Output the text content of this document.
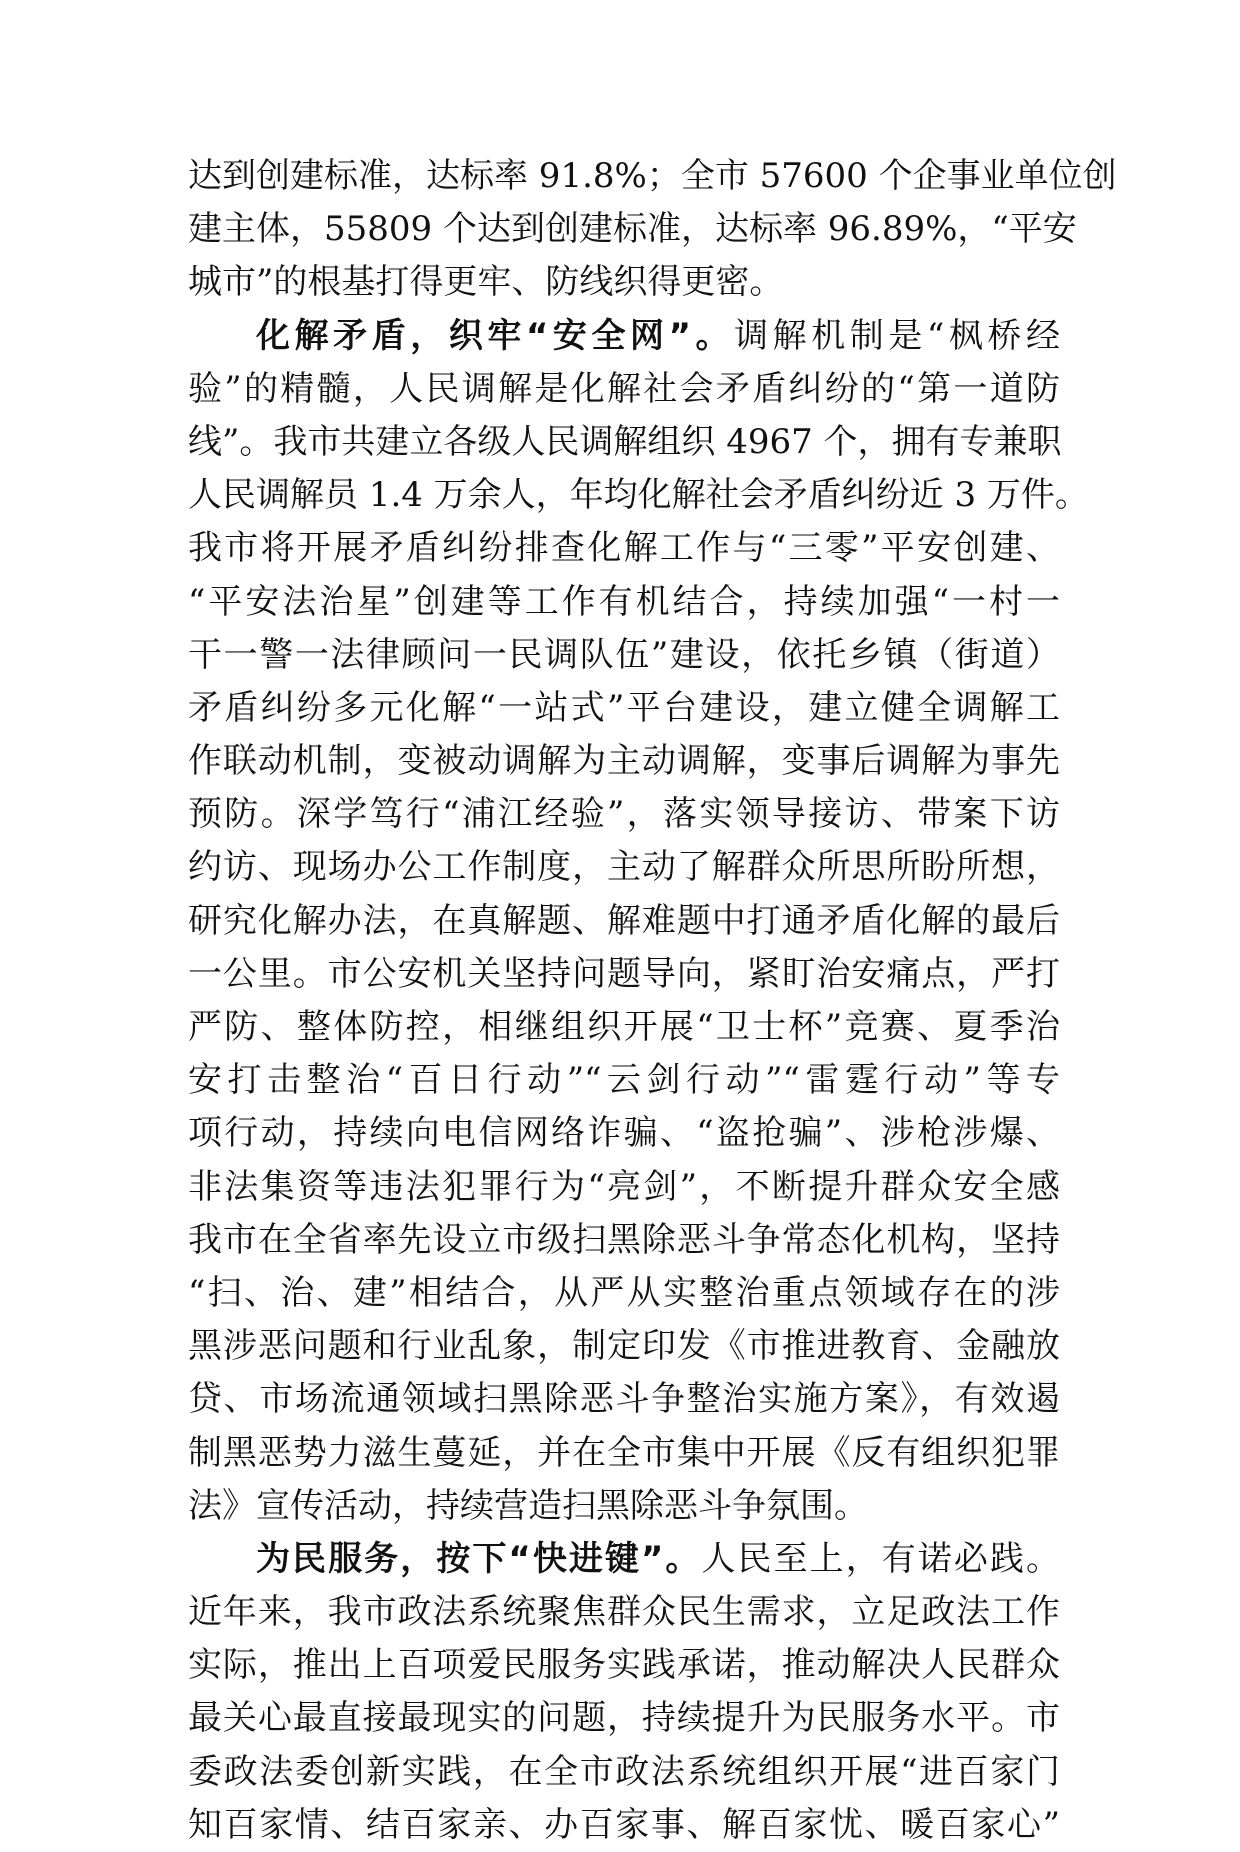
达到创建标准，达标率 91.8%；全市 57600 个企事业单位创
建主体，55809 个达到创建标准，达标率 96.89%，“平安
城市”的根基打得更牢、防线织得更密。
化解矛盾，织牢“安全网”。调解机制是“枫桥经
验”的精髓，人民调解是化解社会矛盾纠纷的“第一道防
线”。我市共建立各级人民调解组织 4967 个，拥有专兼职
人民调解员 1.4 万余人，年均化解社会矛盾纠纷近 3 万件。
我市将开展矛盾纠纷排查化解工作与“三零”平安创建、
“平安法治星”创建等工作有机结合，持续加强“一村一
干一警一法律顾问一民调队伍”建设，依托乡镇（街道）
矛盾纠纷多元化解“一站式”平台建设，建立健全调解工
作联动机制，变被动调解为主动调解，变事后调解为事先
预防。深学笃行“浦江经验”，落实领导接访、带案下访
约访、现场办公工作制度，主动了解群众所思所盼所想，
研究化解办法，在真解题、解难题中打通矛盾化解的最后
一公里。市公安机关坚持问题导向，紧盯治安痛点，严打
严防、整体防控，相继组织开展“卫士杯”竞赛、夏季治
安打击整治“百日行动”“云剑行动”“雷霆行动”等专
项行动，持续向电信网络诈骗、“盗抢骗”、涉枪涉爆、
非法集资等违法犯罪行为“亮剑”，不断提升群众安全感
我市在全省率先设立市级扫黑除恶斗争常态化机构，坚持
“扫、治、建”相结合，从严从实整治重点领域存在的涉
黑涉恶问题和行业乱象，制定印发《市推进教育、金融放
贷、市场流通领域扫黑除恶斗争整治实施方案》，有效遏
制黑恶势力滋生蔓延，并在全市集中开展《反有组织犯罪
法》宣传活动，持续营造扫黑除恶斗争氛围。
为民服务，按下“快进键”。人民至上，有诺必践。
近年来，我市政法系统聚焦群众民生需求，立足政法工作
实际，推出上百项爱民服务实践承诺，推动解决人民群众
最关心最直接最现实的问题，持续提升为民服务水平。市
委政法委创新实践，在全市政法系统组织开展“进百家门
知百家情、结百家亲、办百家事、解百家忧、暖百家心”
